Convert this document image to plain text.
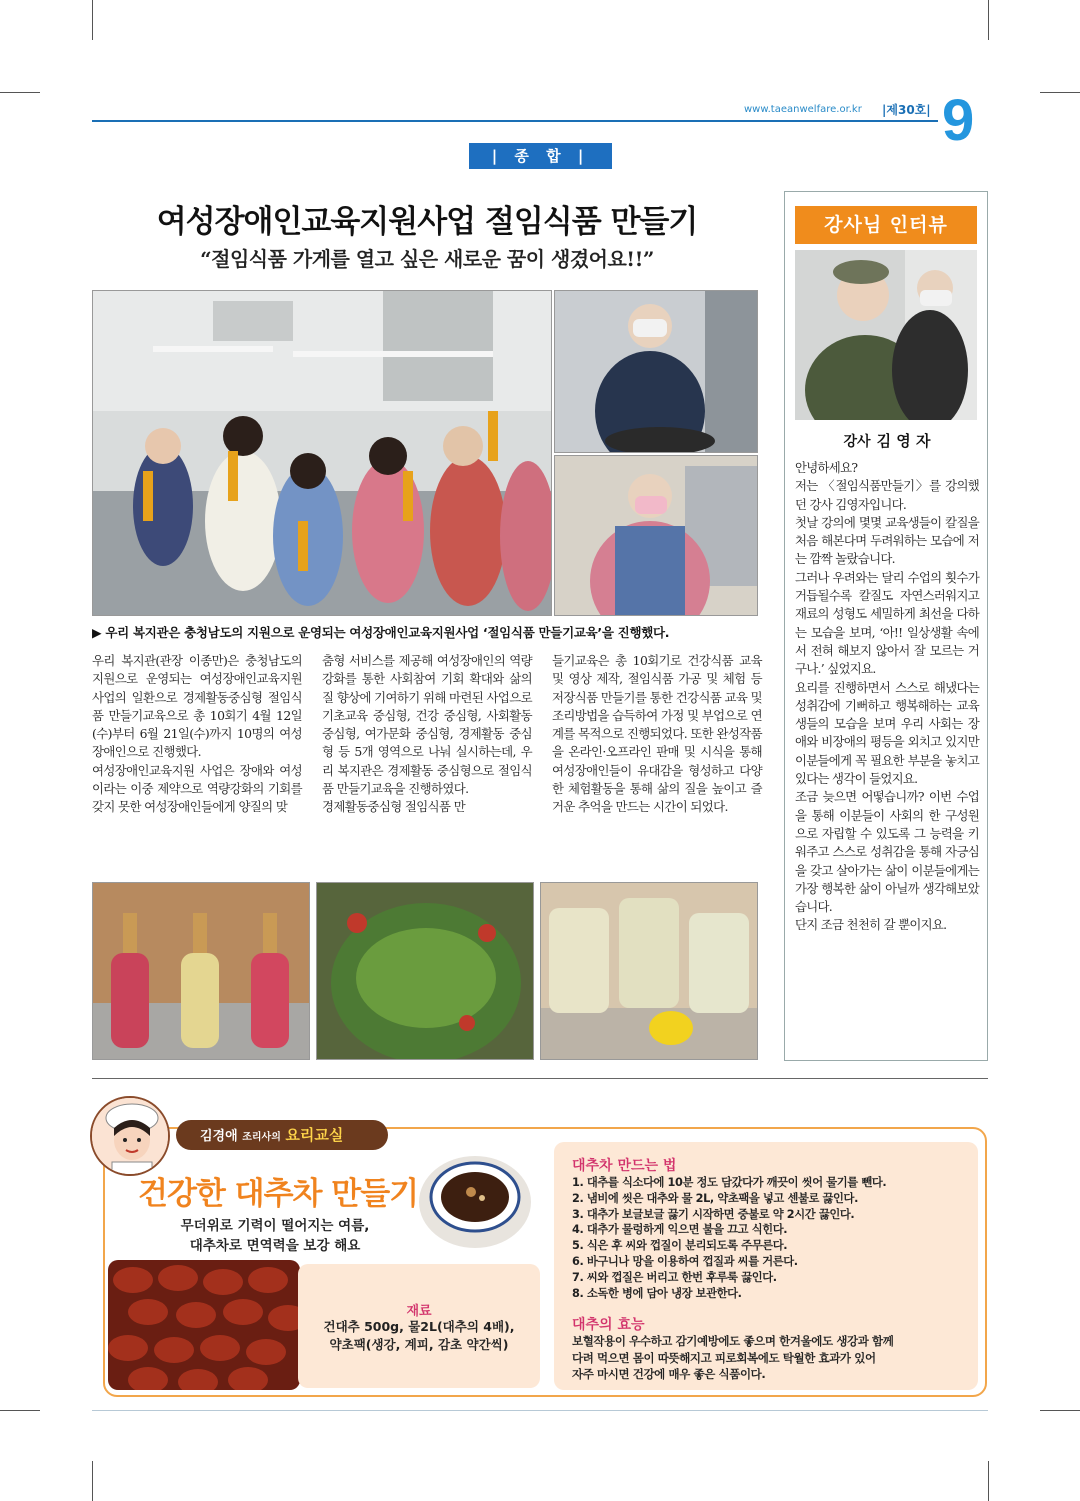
www.taeanwelfare.or.kr |제30호| 9
| 종 합 |
여성장애인교육지원사업 절임식품 만들기
“절임식품 가게를 열고 싶은 새로운 꿈이 생겼어요!!”
▶ 우리 복지관은 충청남도의 지원으로 운영되는 여성장애인교육지원사업 ‘절임식품 만들기교육’을 진행했다.
우리 복지관(관장 이종만)은 충청남도의 지원으로 운영되는 여성장애인교육지원사업의 일환으로 경제활동중심형 절임식품 만들기교육으로 총 10회기 4월 12일(수)부터 6월 21일(수)까지 10명의 여성장애인으로 진행했다.
여성장애인교육지원 사업은 장애와 여성이라는 이중 제약으로 역량강화의 기회를 갖지 못한 여성장애인들에게 양질의 맞
춤형 서비스를 제공해 여성장애인의 역량강화를 통한 사회참여 기회 확대와 삶의 질 향상에 기여하기 위해 마련된 사업으로 기초교육 중심형, 건강 중심형, 사회활동 중심형, 여가문화 중심형, 경제활동 중심형 등 5개 영역으로 나눠 실시하는데, 우리 복지관은 경제활동 중심형으로 절임식품 만들기교육을 진행하였다.
경제활동중심형 절임식품 만
들기교육은 총 10회기로 건강식품 교육 및 영상 제작, 절임식품 가공 및 체험 등 저장식품 만들기를 통한 건강식품 교육 및 조리방법을 습득하여 가정 및 부업으로 연계를 목적으로 진행되었다. 또한 완성작품을 온라인·오프라인 판매 및 시식을 통해 여성장애인들이 유대감을 형성하고 다양한 체험활동을 통해 삶의 질을 높이고 즐거운 추억을 만드는 시간이 되었다.
강사님 인터뷰
강사 김 영 자
안녕하세요?
저는 〈절임식품만들기〉를 강의했던 강사 김영자입니다.
첫날 강의에 몇몇 교육생들이 칼질을 처음 해본다며 두려워하는 모습에 저는 깜짝 놀랐습니다.
그러나 우려와는 달리 수업의 횟수가 거듭될수록 칼질도 자연스러워지고 재료의 성형도 세밀하게 최선을 다하는 모습을 보며, ‘아!! 일상생활 속에서 전혀 해보지 않아서 잘 모르는 거구나.’ 싶었지요.
요리를 진행하면서 스스로 해냈다는 성취감에 기뻐하고 행복해하는 교육생들의 모습을 보며 우리 사회는 장애와 비장애의 평등을 외치고 있지만 이분들에게 꼭 필요한 부분을 놓치고 있다는 생각이 들었지요.
조금 늦으면 어떻습니까? 이번 수업을 통해 이분들이 사회의 한 구성원으로 자립할 수 있도록 그 능력을 키워주고 스스로 성취감을 통해 자긍심을 갖고 살아가는 삶이 이분들에게는 가장 행복한 삶이 아닐까 생각해보았습니다.
단지 조금 천천히 갈 뿐이지요.
김경애 조리사의 요리교실
건강한 대추차 만들기
무더위로 기력이 떨어지는 여름,
대추차로 면역력을 보강 해요
재료
건대추 500g, 물2L(대추의 4배),
약초팩(생강, 계피, 감초 약간씩)
대추차 만드는 법
1. 대추를 식소다에 10분 정도 담갔다가 깨끗이 씻어 물기를 뺀다.
2. 냄비에 씻은 대추와 물 2L, 약초팩을 넣고 센불로 끓인다.
3. 대추가 보글보글 끓기 시작하면 중불로 약 2시간 끓인다.
4. 대추가 물렁하게 익으면 불을 끄고 식힌다.
5. 식은 후 씨와 껍질이 분리되도록 주무른다.
6. 바구니나 망을 이용하여 껍질과 씨를 거른다.
7. 씨와 껍질은 버리고 한번 후루룩 끓인다.
8. 소독한 병에 담아 냉장 보관한다.
대추의 효능
보혈작용이 우수하고 감기예방에도 좋으며 한겨울에도 생강과 함께
다려 먹으면 몸이 따뜻해지고 피로회복에도 탁월한 효과가 있어
자주 마시면 건강에 매우 좋은 식품이다.
